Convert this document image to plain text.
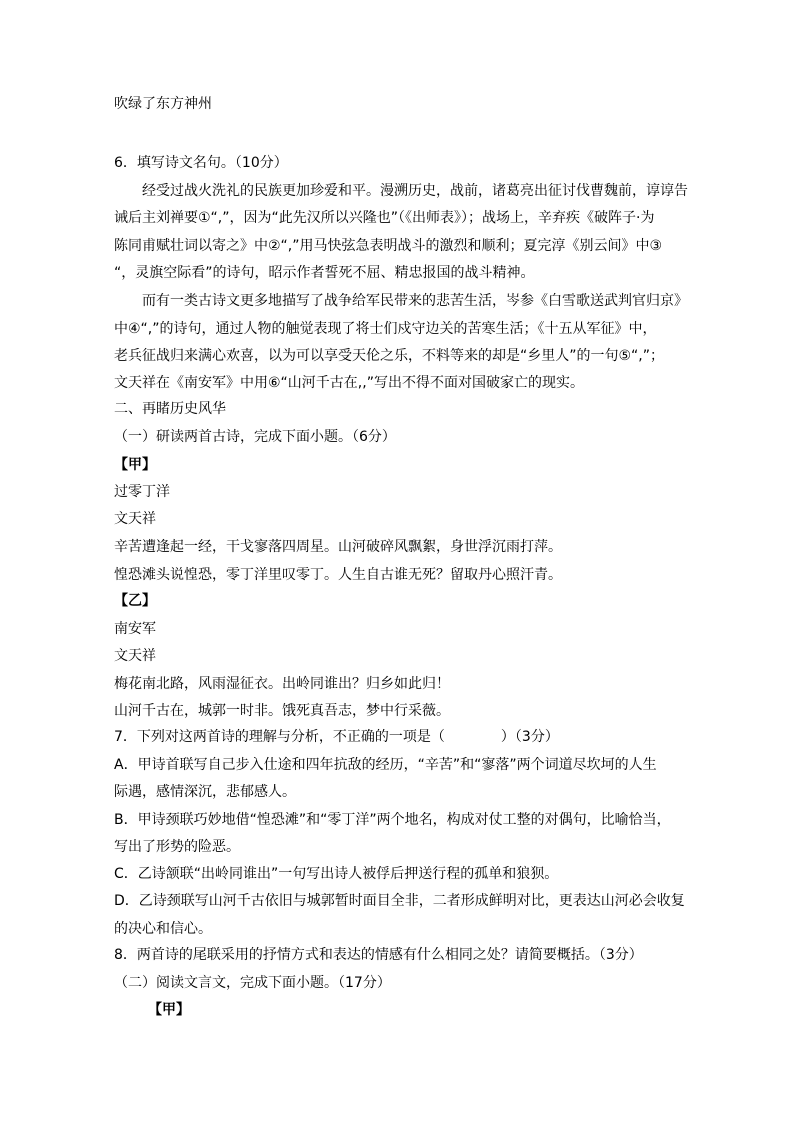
吹绿了东方神州
6．填写诗文名句。（10分）
经受过战火洗礼的民族更加珍爱和平。漫溯历史，战前，诸葛亮出征讨伐曹魏前，谆谆告
诫后主刘禅要①“,”，因为“此先汉所以兴隆也”（《出师表》）；战场上，辛弃疾《破阵子·为
陈同甫赋壮词以寄之》中②“,”用马快弦急表明战斗的激烈和顺利；夏完淳《别云间》中③
“，灵旗空际看”的诗句，昭示作者誓死不屈、精忠报国的战斗精神。
而有一类古诗文更多地描写了战争给军民带来的悲苦生活，岑参《白雪歌送武判官归京》
中④“,”的诗句，通过人物的触觉表现了将士们戍守边关的苦寒生活；《十五从军征》中，
老兵征战归来满心欢喜，以为可以享受天伦之乐，不料等来的却是“乡里人”的一句⑤“,”；
文天祥在《南安军》中用⑥“山河千古在,,”写出不得不面对国破家亡的现实。
二、再睹历史风华
（一）研读两首古诗，完成下面小题。（6分）
【甲】
过零丁洋
文天祥
辛苦遭逢起一经，干戈寥落四周星。山河破碎风飘絮，身世浮沉雨打萍。
惶恐滩头说惶恐，零丁洋里叹零丁。人生自古谁无死？留取丹心照汗青。
【乙】
南安军
文天祥
梅花南北路，风雨湿征衣。出岭同谁出？归乡如此归！
山河千古在，城郭一时非。饿死真吾志，梦中行采薇。
7．下列对这两首诗的理解与分析，不正确的一项是（	）（3分）
A．甲诗首联写自己步入仕途和四年抗敌的经历，“辛苦”和“寥落”两个词道尽坎坷的人生
际遇，感情深沉，悲郁感人。
B．甲诗颈联巧妙地借“惶恐滩”和“零丁洋”两个地名，构成对仗工整的对偶句，比喻恰当，
写出了形势的险恶。
C．乙诗颔联“出岭同谁出”一句写出诗人被俘后押送行程的孤单和狼狈。
D．乙诗颈联写山河千古依旧与城郭暂时面目全非，二者形成鲜明对比，更表达山河必会收复
的决心和信心。
8．两首诗的尾联采用的抒情方式和表达的情感有什么相同之处？请简要概括。（3分）
（二）阅读文言文，完成下面小题。（17分）
【甲】
